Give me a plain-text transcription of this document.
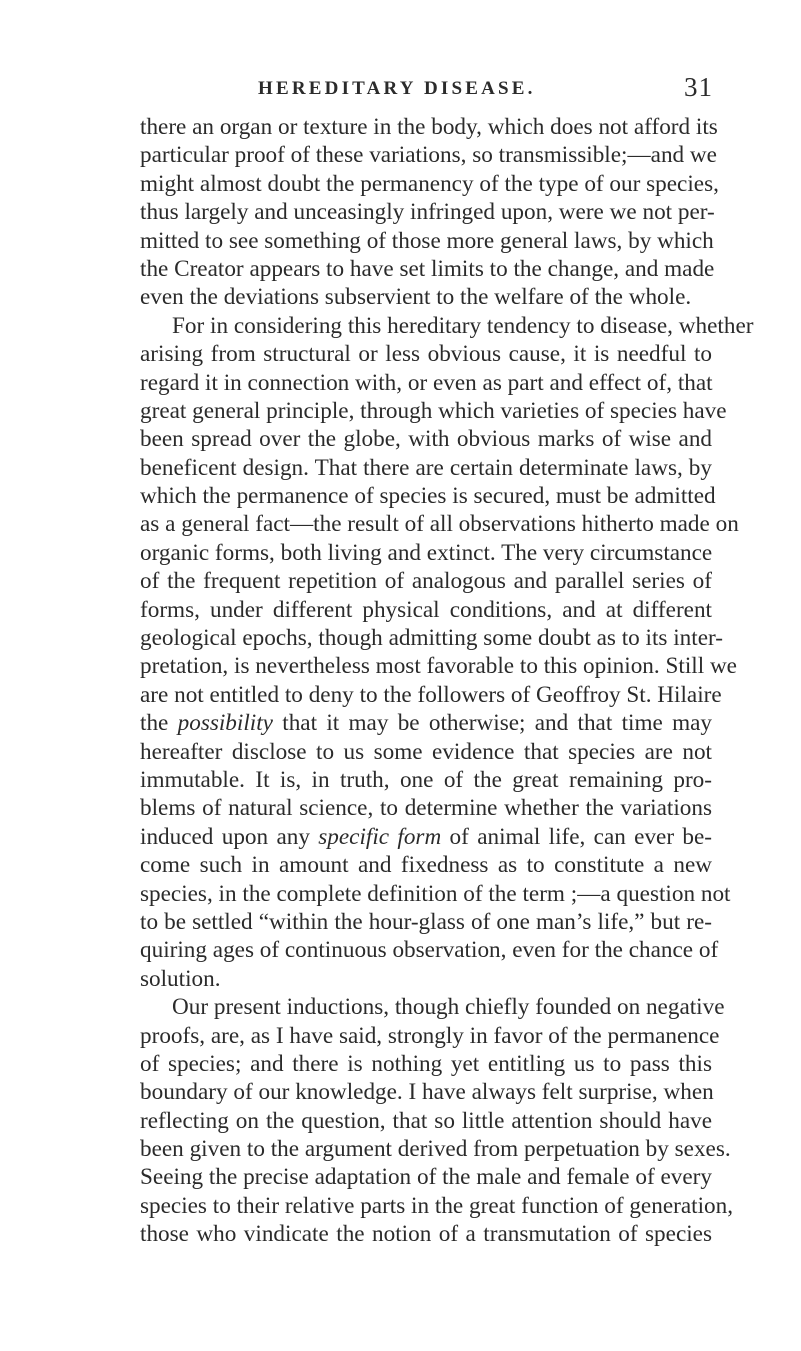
HEREDITARY DISEASE.	31
there an organ or texture in the body, which does not afford its
particular proof of these variations, so transmissible;—and we
might almost doubt the permanency of the type of our species,
thus largely and unceasingly infringed upon, were we not per-
mitted to see something of those more general laws, by which
the Creator appears to have set limits to the change, and made
even the deviations subservient to the welfare of the whole.
For in considering this hereditary tendency to disease, whether
arising from structural or less obvious cause, it is needful to
regard it in connection with, or even as part and effect of, that
great general principle, through which varieties of species have
been spread over the globe, with obvious marks of wise and
beneficent design. That there are certain determinate laws, by
which the permanence of species is secured, must be admitted
as a general fact—the result of all observations hitherto made on
organic forms, both living and extinct. The very circumstance
of the frequent repetition of analogous and parallel series of
forms, under different physical conditions, and at different
geological epochs, though admitting some doubt as to its inter-
pretation, is nevertheless most favorable to this opinion. Still we
are not entitled to deny to the followers of Geoffroy St. Hilaire
the possibility that it may be otherwise; and that time may
hereafter disclose to us some evidence that species are not
immutable. It is, in truth, one of the great remaining pro-
blems of natural science, to determine whether the variations
induced upon any specific form of animal life, can ever be-
come such in amount and fixedness as to constitute a new
species, in the complete definition of the term ;—a question not
to be settled “within the hour-glass of one man’s life,” but re-
quiring ages of continuous observation, even for the chance of
solution.
Our present inductions, though chiefly founded on negative
proofs, are, as I have said, strongly in favor of the permanence
of species; and there is nothing yet entitling us to pass this
boundary of our knowledge. I have always felt surprise, when
reflecting on the question, that so little attention should have
been given to the argument derived from perpetuation by sexes.
Seeing the precise adaptation of the male and female of every
species to their relative parts in the great function of generation,
those who vindicate the notion of a transmutation of species
